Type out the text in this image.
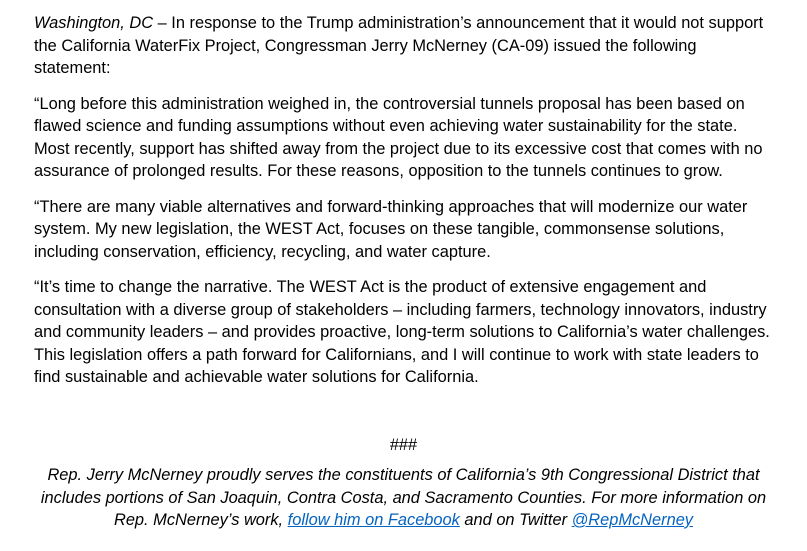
Washington, DC – In response to the Trump administration’s announcement that it would not support the California WaterFix Project, Congressman Jerry McNerney (CA-09) issued the following statement:

“Long before this administration weighed in, the controversial tunnels proposal has been based on flawed science and funding assumptions without even achieving water sustainability for the state. Most recently, support has shifted away from the project due to its excessive cost that comes with no assurance of prolonged results. For these reasons, opposition to the tunnels continues to grow.

“There are many viable alternatives and forward-thinking approaches that will modernize our water system. My new legislation, the WEST Act, focuses on these tangible, commonsense solutions, including conservation, efficiency, recycling, and water capture.

“It’s time to change the narrative. The WEST Act is the product of extensive engagement and consultation with a diverse group of stakeholders – including farmers, technology innovators, industry and community leaders – and provides proactive, long-term solutions to California’s water challenges. This legislation offers a path forward for Californians, and I will continue to work with state leaders to find sustainable and achievable water solutions for California.

###

Rep. Jerry McNerney proudly serves the constituents of California’s 9th Congressional District that includes portions of San Joaquin, Contra Costa, and Sacramento Counties. For more information on Rep. McNerney’s work, follow him on Facebook and on Twitter @RepMcNerney
